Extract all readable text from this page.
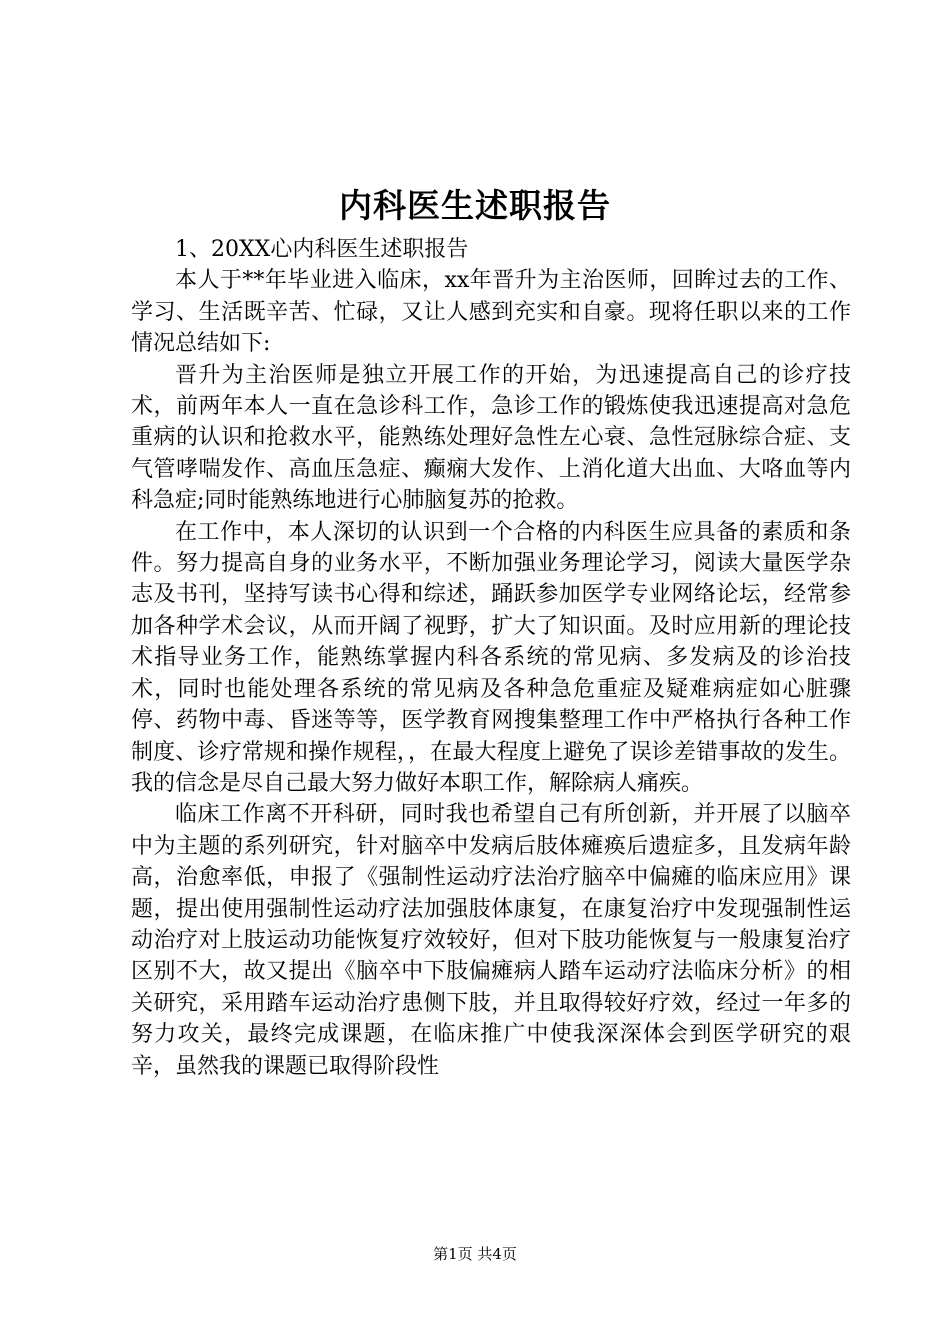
内科医生述职报告

1、20XX心内科医生述职报告

本人于**年毕业进入临床，xx年晋升为主治医师，回眸过去的工作、学习、生活既辛苦、忙碌，又让人感到充实和自豪。现将任职以来的工作情况总结如下:

晋升为主治医师是独立开展工作的开始，为迅速提高自己的诊疗技术，前两年本人一直在急诊科工作，急诊工作的锻炼使我迅速提高对急危重病的认识和抢救水平，能熟练处理好急性左心衰、急性冠脉综合症、支气管哮喘发作、高血压急症、癫痫大发作、上消化道大出血、大咯血等内科急症;同时能熟练地进行心肺脑复苏的抢救。

在工作中，本人深切的认识到一个合格的内科医生应具备的素质和条件。努力提高自身的业务水平，不断加强业务理论学习，阅读大量医学杂志及书刊，坚持写读书心得和综述，踊跃参加医学专业网络论坛，经常参加各种学术会议，从而开阔了视野，扩大了知识面。及时应用新的理论技术指导业务工作，能熟练掌握内科各系统的常见病、多发病及的诊治技术，同时也能处理各系统的常见病及各种急危重症及疑难病症如心脏骤停、药物中毒、昏迷等等，医学教育网搜集整理工作中严格执行各种工作制度、诊疗常规和操作规程，，在最大程度上避免了误诊差错事故的发生。我的信念是尽自己最大努力做好本职工作，解除病人痛疾。

临床工作离不开科研，同时我也希望自己有所创新，并开展了以脑卒中为主题的系列研究，针对脑卒中发病后肢体瘫痪后遗症多，且发病年龄高，治愈率低，申报了《强制性运动疗法治疗脑卒中偏瘫的临床应用》课题，提出使用强制性运动疗法加强肢体康复，在康复治疗中发现强制性运动治疗对上肢运动功能恢复疗效较好，但对下肢功能恢复与一般康复治疗区别不大，故又提出《脑卒中下肢偏瘫病人踏车运动疗法临床分析》的相关研究，采用踏车运动治疗患侧下肢，并且取得较好疗效，经过一年多的努力攻关，最终完成课题，在临床推广中使我深深体会到医学研究的艰辛，虽然我的课题已取得阶段性

第1页 共4页
